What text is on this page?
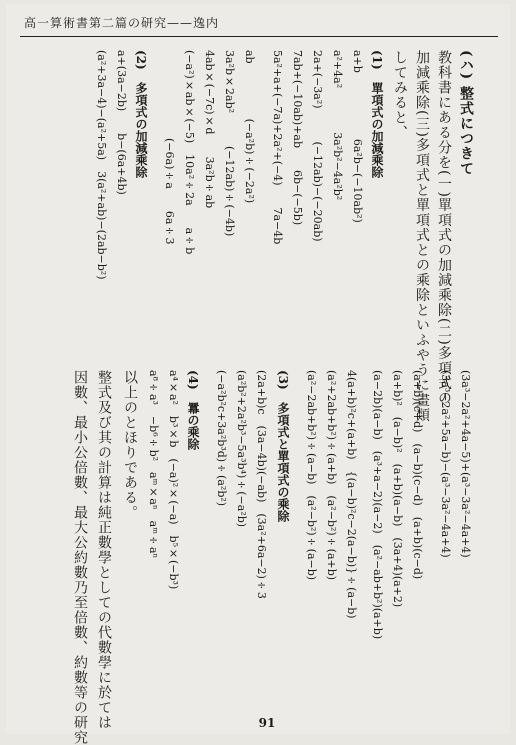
高一算術書第二篇の研究——逸内
(ハ) 整式につきて
教科書にある分を(一)單項式の加減乘除(二)多項式の
加減乘除(三)多項式と單項式との乘除といふやうに畫類
してみると、
(1)　單項式の加減乘除
a+b　　　　　　6a²b−(−10ab²)
a²+4a²　　　　3a²b²−4a²b²
2a+(−3a²)　　　(−12ab)−(−20ab)
7ab+(−10ab)+ab　　6b−(−5b)
5a²+a+(−7a)+2a²+(−4)　　7a−4b
ab　　　　　(−a²b)÷(−2a²)
3a²b×2ab²　　　(−12ab)÷(−4b)
4ab×(−7c)×d　　3a²b÷ab
(−a²)×ab×(−5)　10a²÷2a　　a÷b
　　　　　　　　(−6a)÷a　　6a÷3
(2)　多項式の加減乘除
a+(3a−2b)　　b−(6a+4b)
(a²+3a−4)−(a²+5a)　3(a²+ab)−(2ab−b²)
(3a³−2a²+4a−5)+(a³−3a²−4a+4)
(3a³−2a²+5a−b)−(a³−3a²−4a+4)
(a+b)(c+d)　(a−b)(c−d)　(a+b)(c−d)
(a+b)²　(a−b)²　(a+b)(a−b)　(3a+4)(a+2)
(a−2b)(a−b)　(a³+a−2)(a−2)　(a²−ab+b²)(a+b)
4(a+b)²c+(a+b)　{(a−b)²c−2(a−b)}÷(a−b)
(a²+2ab+b²)÷(a+b)　(a²−b²)÷(a+b)
(a²−2ab+b²)÷(a−b)　(a²−b²)÷(a−b)
(3)　多項式と單項式の乘除
(2a+b)c　(3a−4b)(−ab)　(3a²+6a−2)÷3
(a²b²+2a²b³−5a³b⁴)÷(−a²b)
(−a²b²c+3a²b³d)÷(a²b²)
(4)　羃の乘除
a⁴×a²　b³×b　(−a)²×(−a)　b⁵×(−b³)
a⁸÷a³　−b⁶÷b²　aᵐ×aⁿ　aᵐ÷aⁿ
以上のとほりである。
整式及び其の計算は純正數學としての代數學に於ては
因數、最小公倍數、最大公約數乃至倍數、約數等の研究	91
